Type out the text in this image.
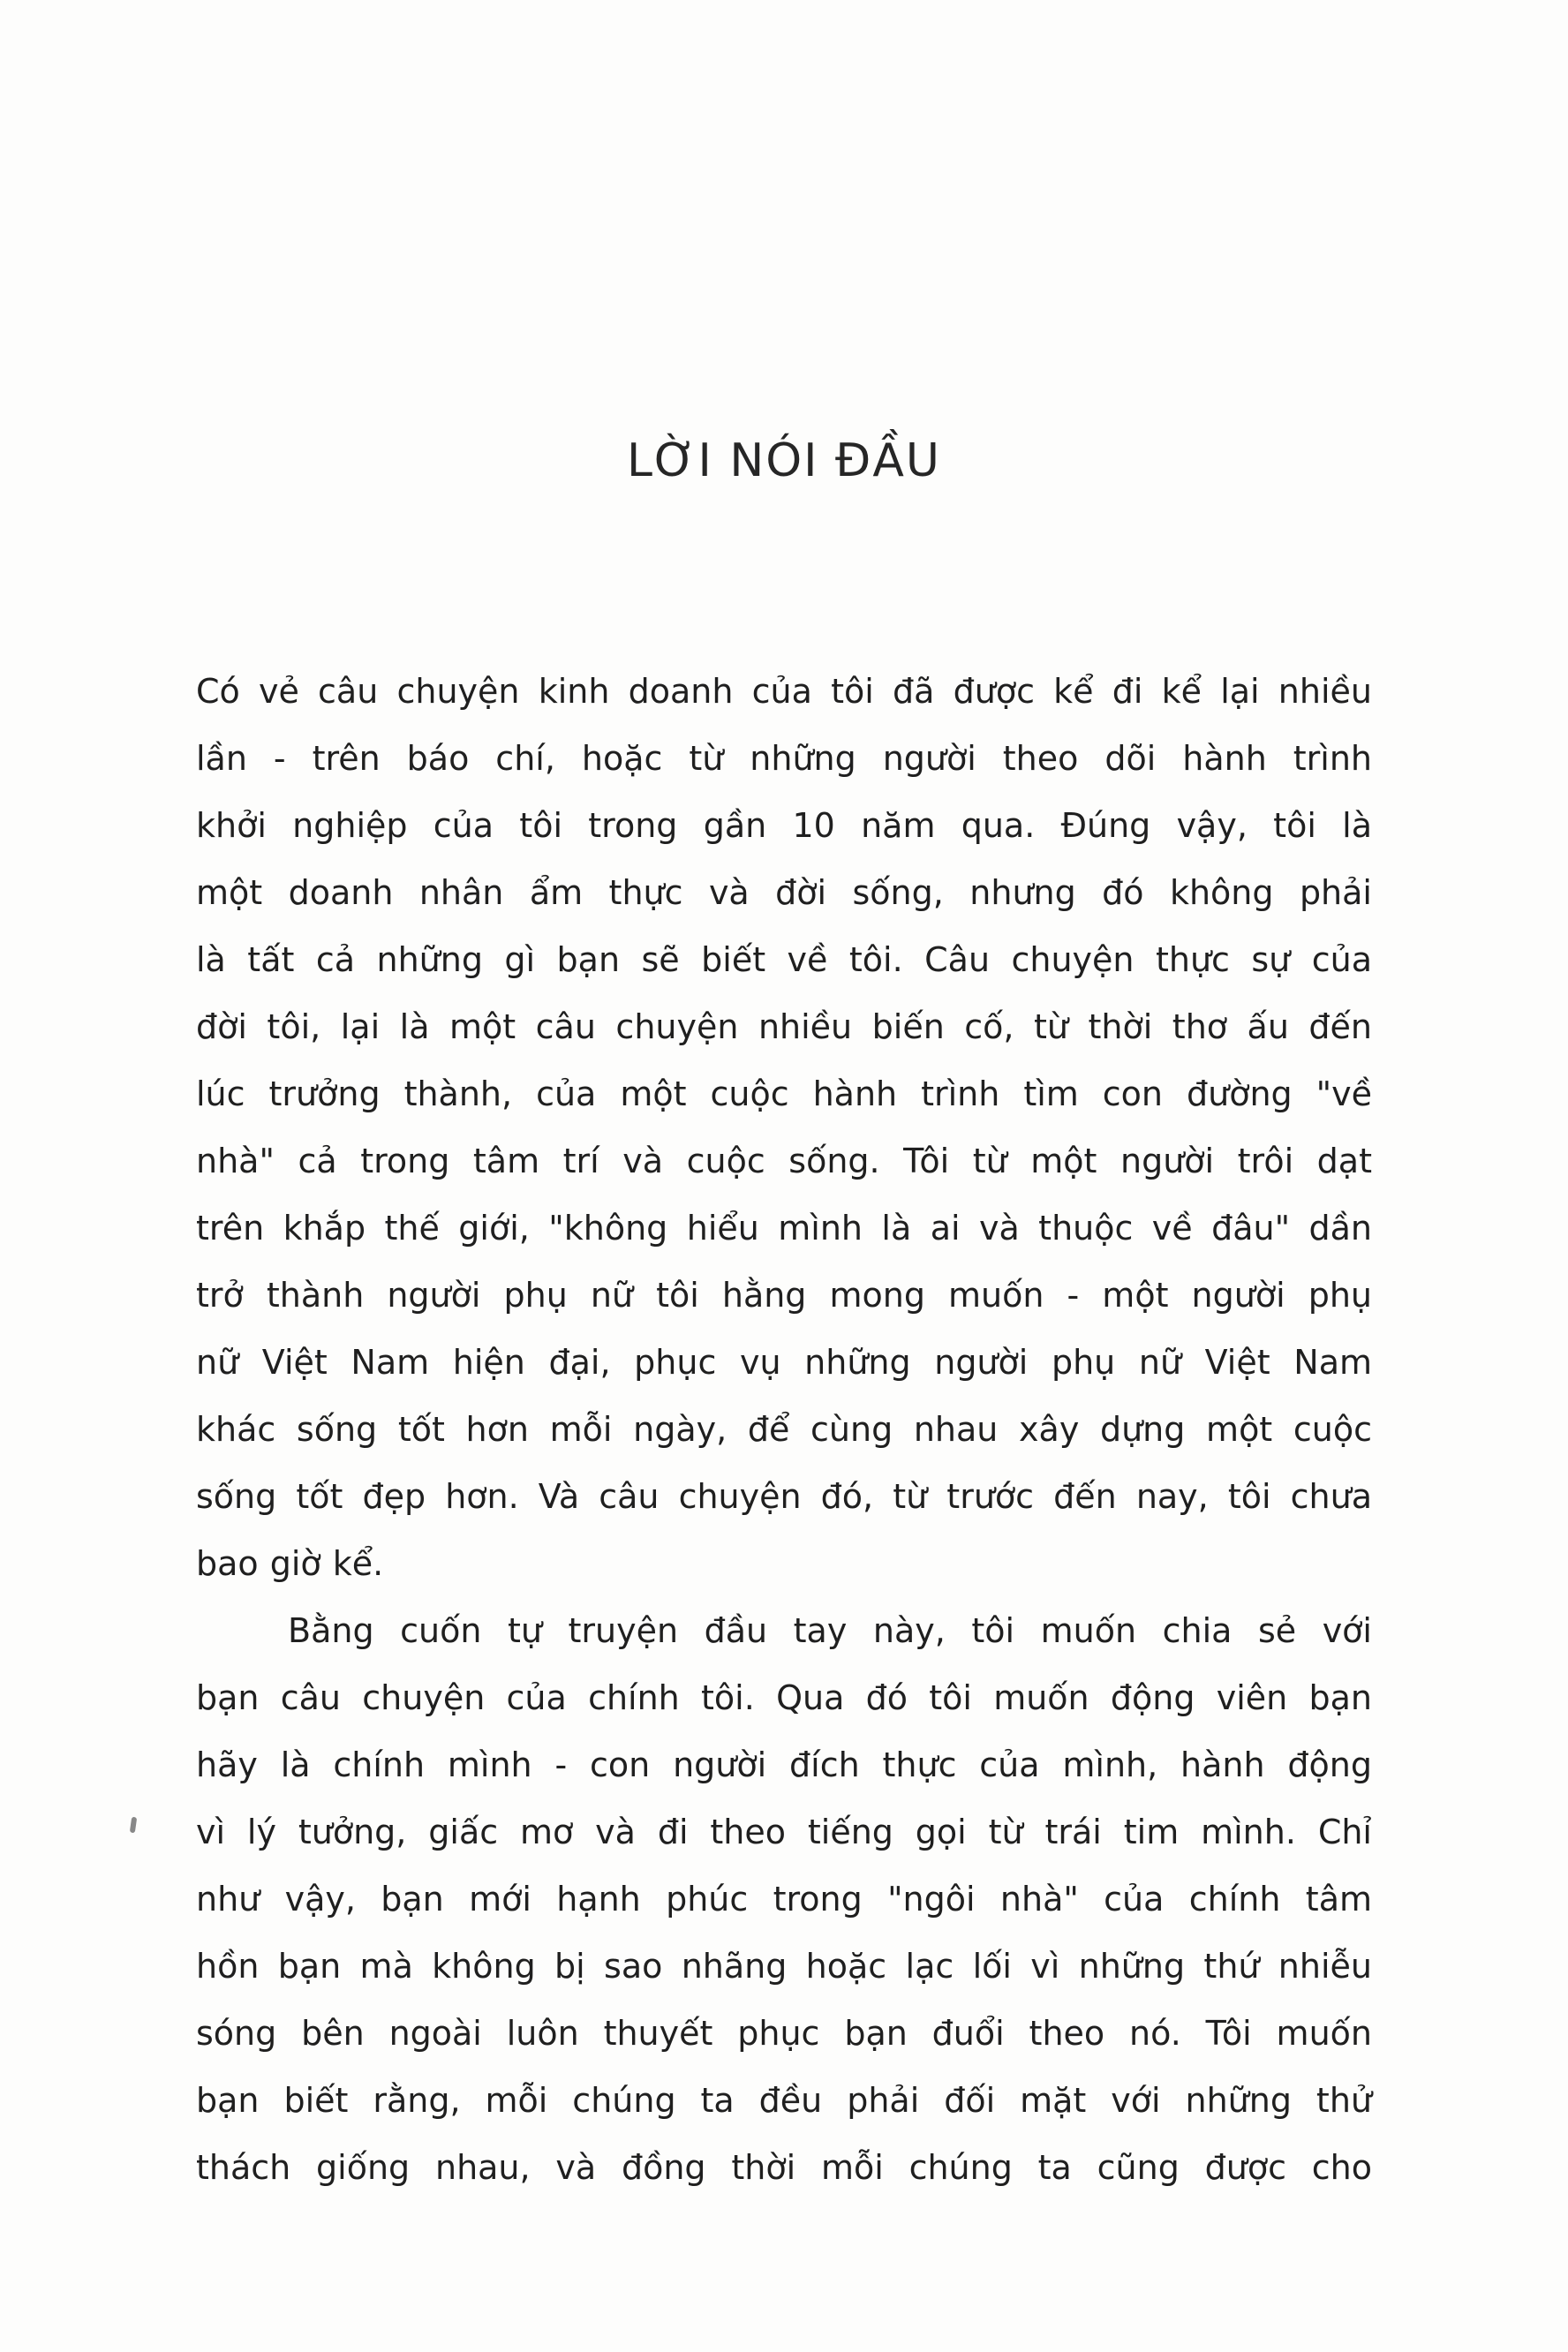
LỜI NÓI ĐẦU
Có vẻ câu chuyện kinh doanh của tôi đã được kể đi kể lại nhiều
lần - trên báo chí, hoặc từ những người theo dõi hành trình
khởi nghiệp của tôi trong gần 10 năm qua. Đúng vậy, tôi là
một doanh nhân ẩm thực và đời sống, nhưng đó không phải
là tất cả những gì bạn sẽ biết về tôi. Câu chuyện thực sự của
đời tôi, lại là một câu chuyện nhiều biến cố, từ thời thơ ấu đến
lúc trưởng thành, của một cuộc hành trình tìm con đường "về
nhà" cả trong tâm trí và cuộc sống. Tôi từ một người trôi dạt
trên khắp thế giới, "không hiểu mình là ai và thuộc về đâu" dần
trở thành người phụ nữ tôi hằng mong muốn - một người phụ
nữ Việt Nam hiện đại, phục vụ những người phụ nữ Việt Nam
khác sống tốt hơn mỗi ngày, để cùng nhau xây dựng một cuộc
sống tốt đẹp hơn. Và câu chuyện đó, từ trước đến nay, tôi chưa
bao giờ kể.
Bằng cuốn tự truyện đầu tay này, tôi muốn chia sẻ với
bạn câu chuyện của chính tôi. Qua đó tôi muốn động viên bạn
hãy là chính mình - con người đích thực của mình, hành động
vì lý tưởng, giấc mơ và đi theo tiếng gọi từ trái tim mình. Chỉ
như vậy, bạn mới hạnh phúc trong "ngôi nhà" của chính tâm
hồn bạn mà không bị sao nhãng hoặc lạc lối vì những thứ nhiễu
sóng bên ngoài luôn thuyết phục bạn đuổi theo nó. Tôi muốn
bạn biết rằng, mỗi chúng ta đều phải đối mặt với những thử
thách giống nhau, và đồng thời mỗi chúng ta cũng được cho
